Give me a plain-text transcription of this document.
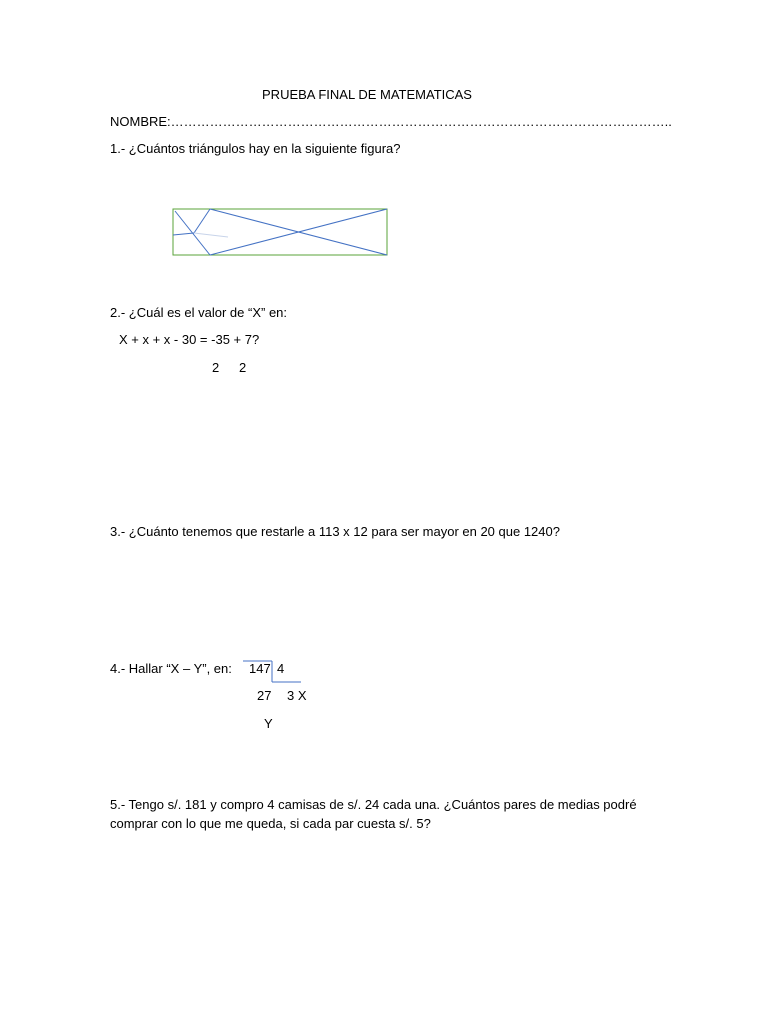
PRUEBA FINAL DE MATEMATICAS
NOMBRE:……………………………………………………………………………………………………..
1.- ¿Cuántos triángulos hay en la siguiente figura?
2.- ¿Cuál es el valor de “X” en:
X + x + x - 30 = -35 + 7?
2 2
3.- ¿Cuánto tenemos que restarle a 113 x 12 para ser mayor en 20 que 1240?
4.- Hallar “X – Y”, en: 147 4
27 3 X
Y
5.- Tengo s/. 181 y compro 4 camisas de s/. 24 cada una. ¿Cuántos pares de medias podré
comprar con lo que me queda, si cada par cuesta s/. 5?
